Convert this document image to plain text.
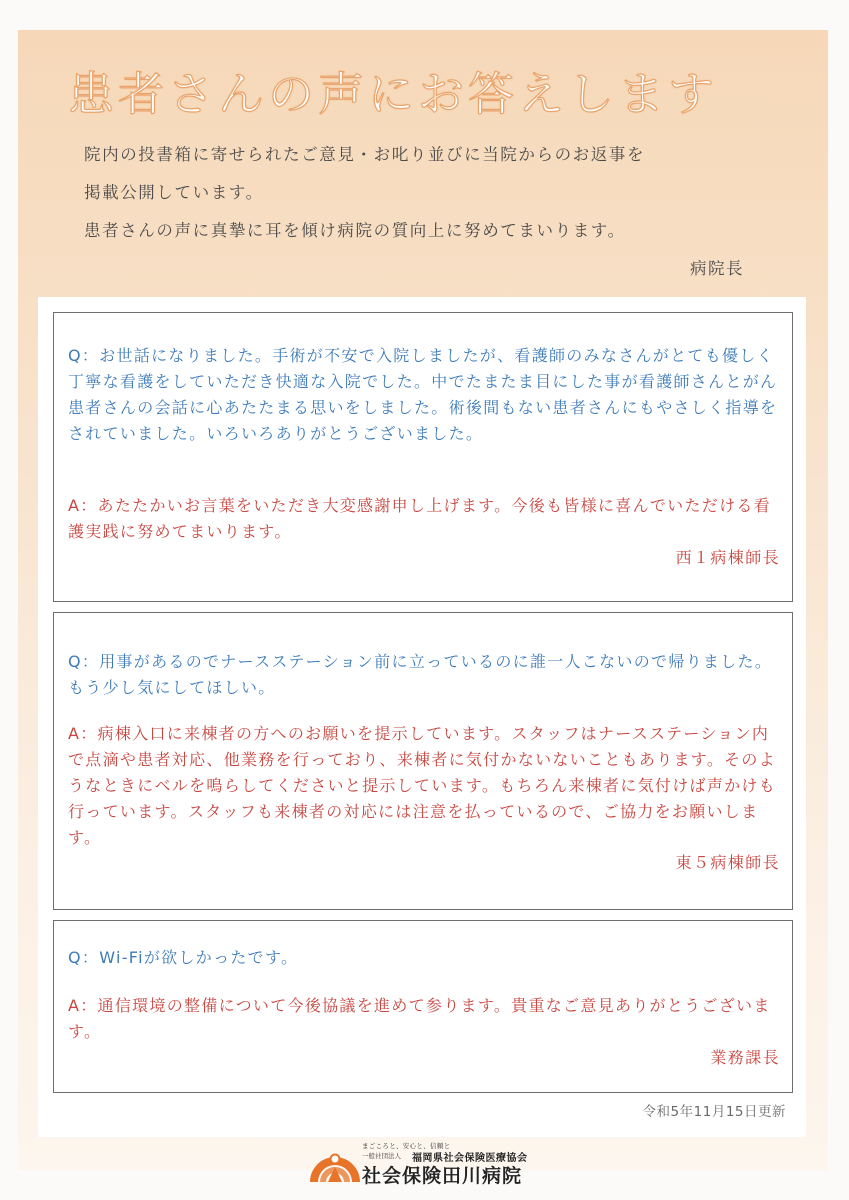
患者さんの声にお答えします
院内の投書箱に寄せられたご意見・お叱り並びに当院からのお返事を
掲載公開しています。
患者さんの声に真摯に耳を傾け病院の質向上に努めてまいります。
病院長
Q：お世話になりました。手術が不安で入院しましたが、看護師のみなさんがとても優しく丁寧な看護をしていただき快適な入院でした。中でたまたま目にした事が看護師さんとがん患者さんの会話に心あたたまる思いをしました。術後間もない患者さんにもやさしく指導をされていました。いろいろありがとうございました。
A：あたたかいお言葉をいただき大変感謝申し上げます。今後も皆様に喜んでいただける看護実践に努めてまいります。
西１病棟師長
Q：用事があるのでナースステーション前に立っているのに誰一人こないので帰りました。もう少し気にしてほしい。
A：病棟入口に来棟者の方へのお願いを提示しています。スタッフはナースステーション内で点滴や患者対応、他業務を行っており、来棟者に気付かないないこともあります。そのようなときにベルを鳴らしてくださいと提示しています。もちろん来棟者に気付けば声かけも行っています。スタッフも来棟者の対応には注意を払っているので、ご協力をお願いします。
東５病棟師長
Q：Wi-Fiが欲しかったです。
A：通信環境の整備について今後協議を進めて参ります。貴重なご意見ありがとうございます。
業務課長
令和5年11月15日更新
まごころと、安心と、信頼と
一般社団法人	福岡県社会保険医療協会
社会保険田川病院
